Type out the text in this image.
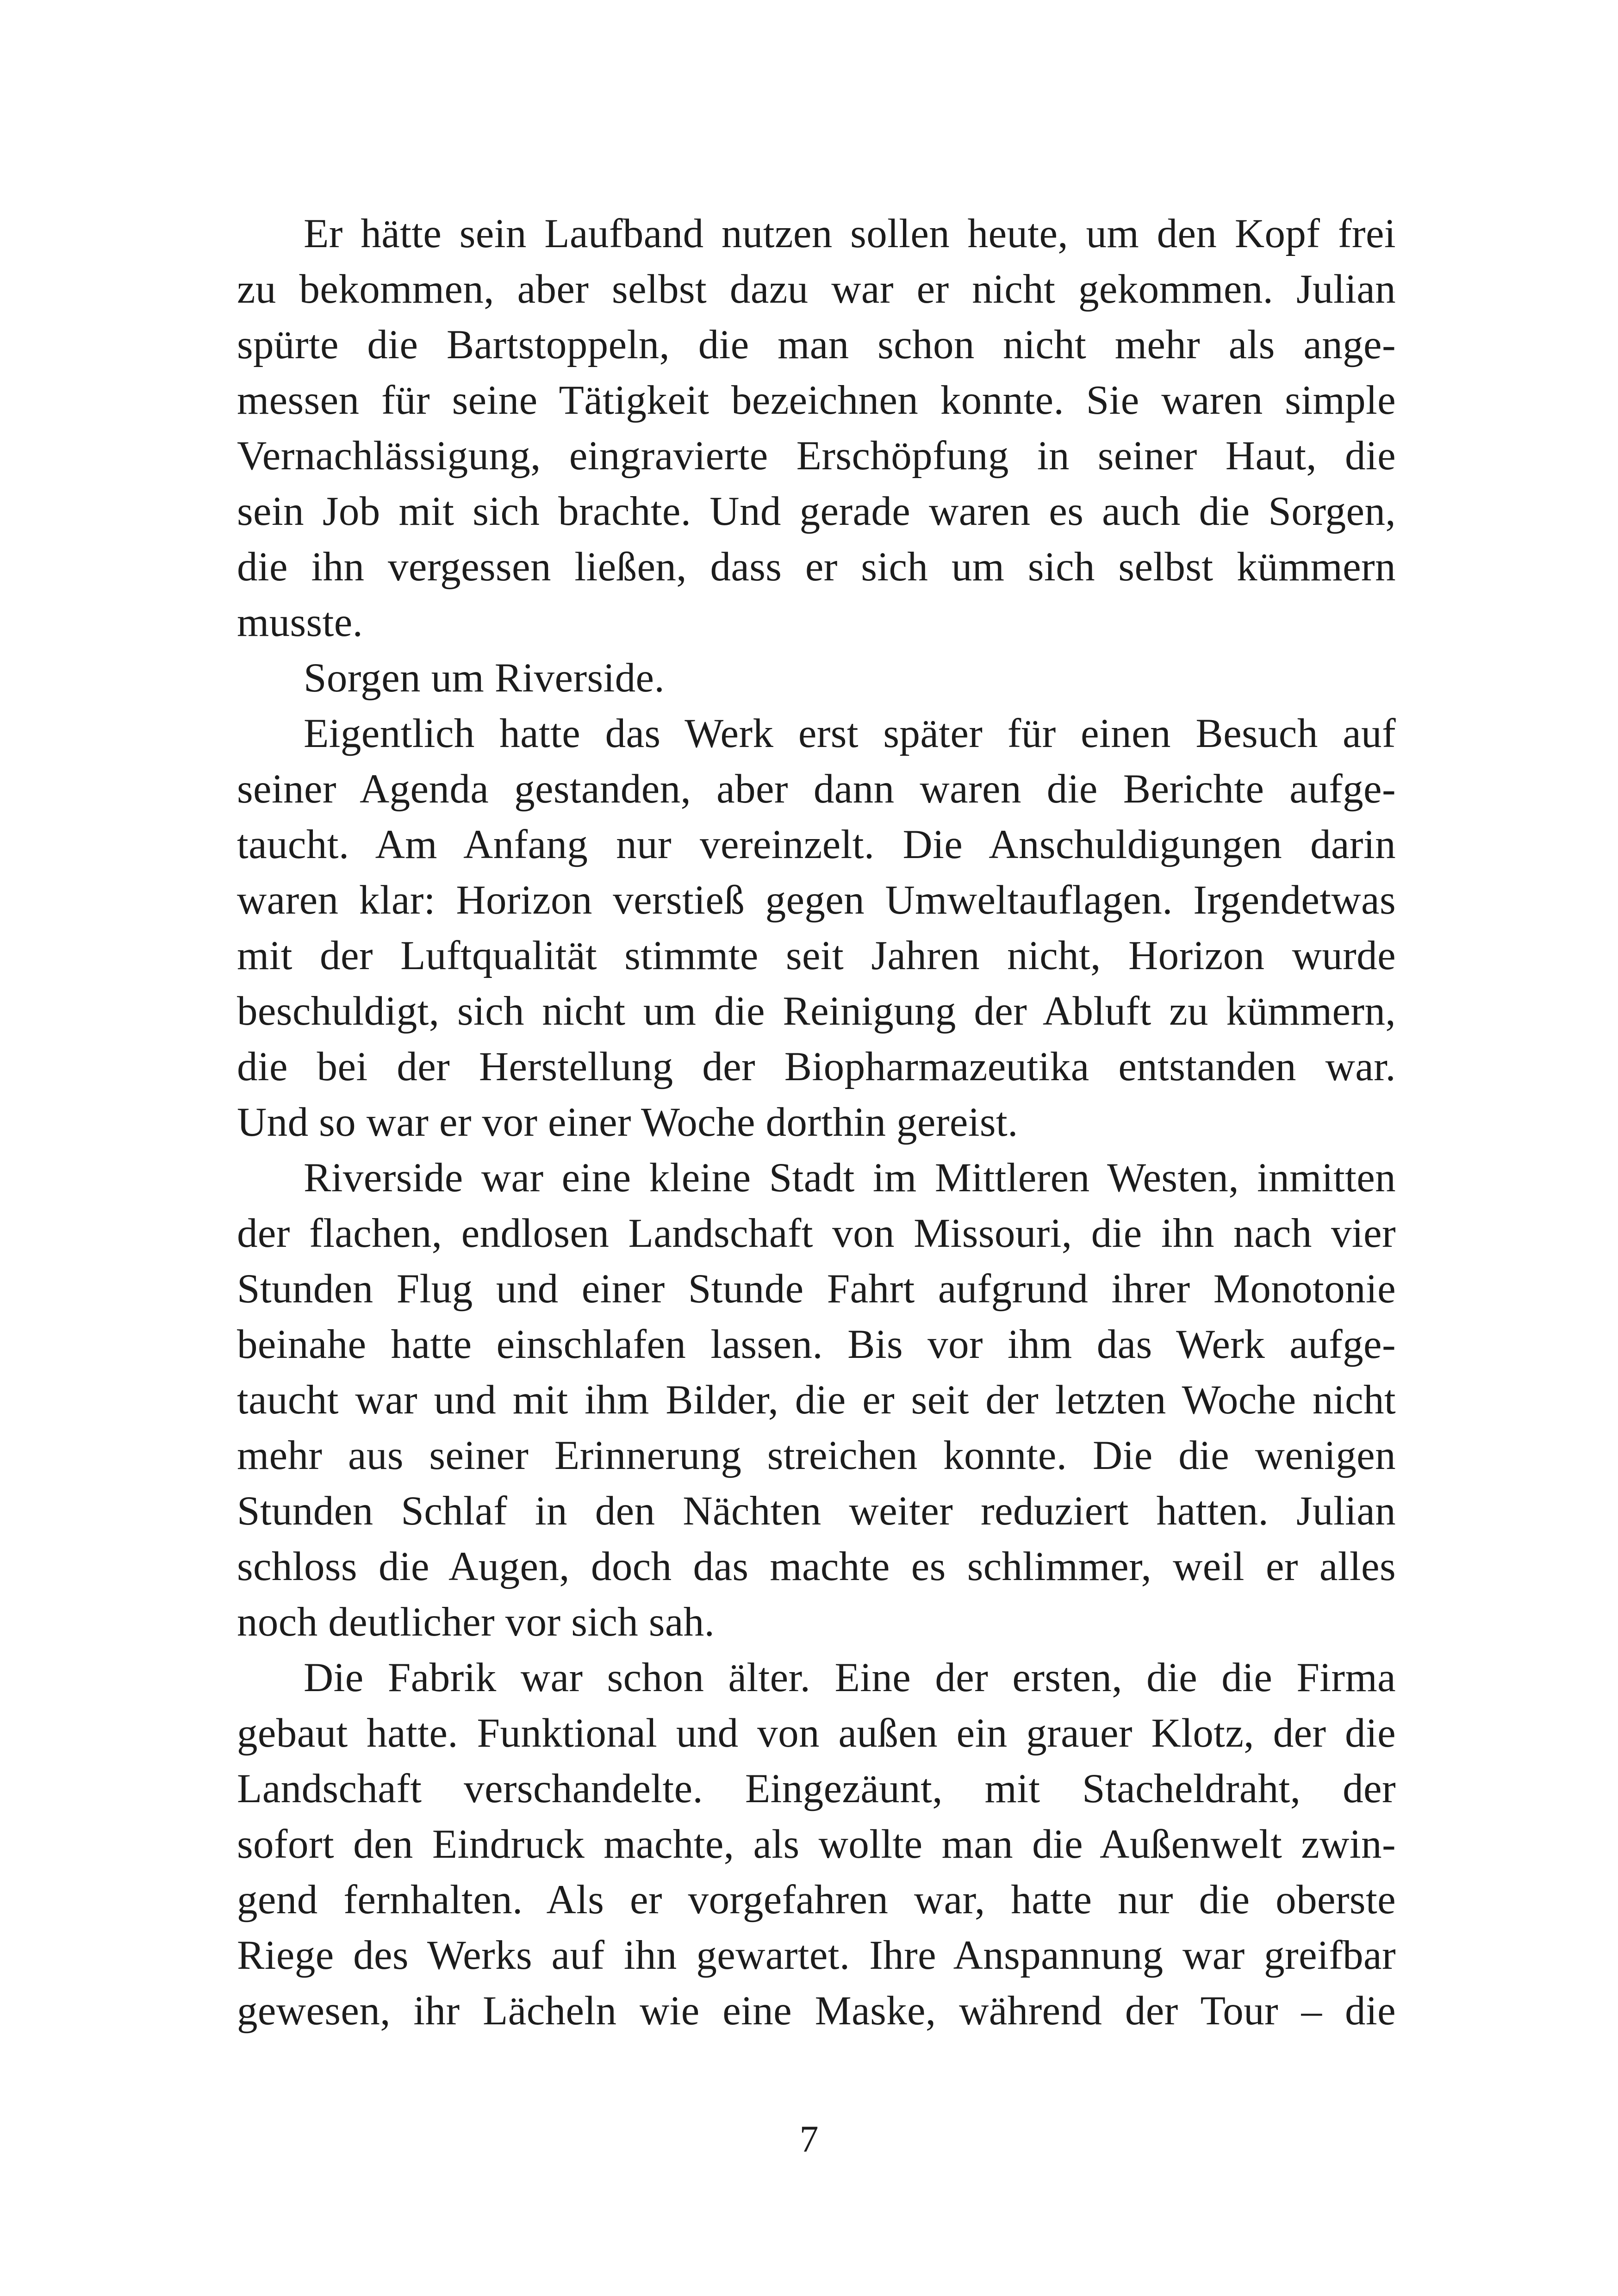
Er hätte sein Laufband nutzen sollen heute, um den Kopf frei
zu bekommen, aber selbst dazu war er nicht gekommen. Julian
spürte die Bartstoppeln, die man schon nicht mehr als ange-
messen für seine Tätigkeit bezeichnen konnte. Sie waren simple
Vernachlässigung, eingravierte Erschöpfung in seiner Haut, die
sein Job mit sich brachte. Und gerade waren es auch die Sorgen,
die ihn vergessen ließen, dass er sich um sich selbst kümmern
musste.
Sorgen um Riverside.
Eigentlich hatte das Werk erst später für einen Besuch auf
seiner Agenda gestanden, aber dann waren die Berichte aufge-
taucht. Am Anfang nur vereinzelt. Die Anschuldigungen darin
waren klar: Horizon verstieß gegen Umweltauflagen. Irgendetwas
mit der Luftqualität stimmte seit Jahren nicht, Horizon wurde
beschuldigt, sich nicht um die Reinigung der Abluft zu kümmern,
die bei der Herstellung der Biopharmazeutika entstanden war.
Und so war er vor einer Woche dorthin gereist.
Riverside war eine kleine Stadt im Mittleren Westen, inmitten
der flachen, endlosen Landschaft von Missouri, die ihn nach vier
Stunden Flug und einer Stunde Fahrt aufgrund ihrer Monotonie
beinahe hatte einschlafen lassen. Bis vor ihm das Werk aufge-
taucht war und mit ihm Bilder, die er seit der letzten Woche nicht
mehr aus seiner Erinnerung streichen konnte. Die die wenigen
Stunden Schlaf in den Nächten weiter reduziert hatten. Julian
schloss die Augen, doch das machte es schlimmer, weil er alles
noch deutlicher vor sich sah.
Die Fabrik war schon älter. Eine der ersten, die die Firma
gebaut hatte. Funktional und von außen ein grauer Klotz, der die
Landschaft verschandelte. Eingezäunt, mit Stacheldraht, der
sofort den Eindruck machte, als wollte man die Außenwelt zwin-
gend fernhalten. Als er vorgefahren war, hatte nur die oberste
Riege des Werks auf ihn gewartet. Ihre Anspannung war greifbar
gewesen, ihr Lächeln wie eine Maske, während der Tour – die
7
